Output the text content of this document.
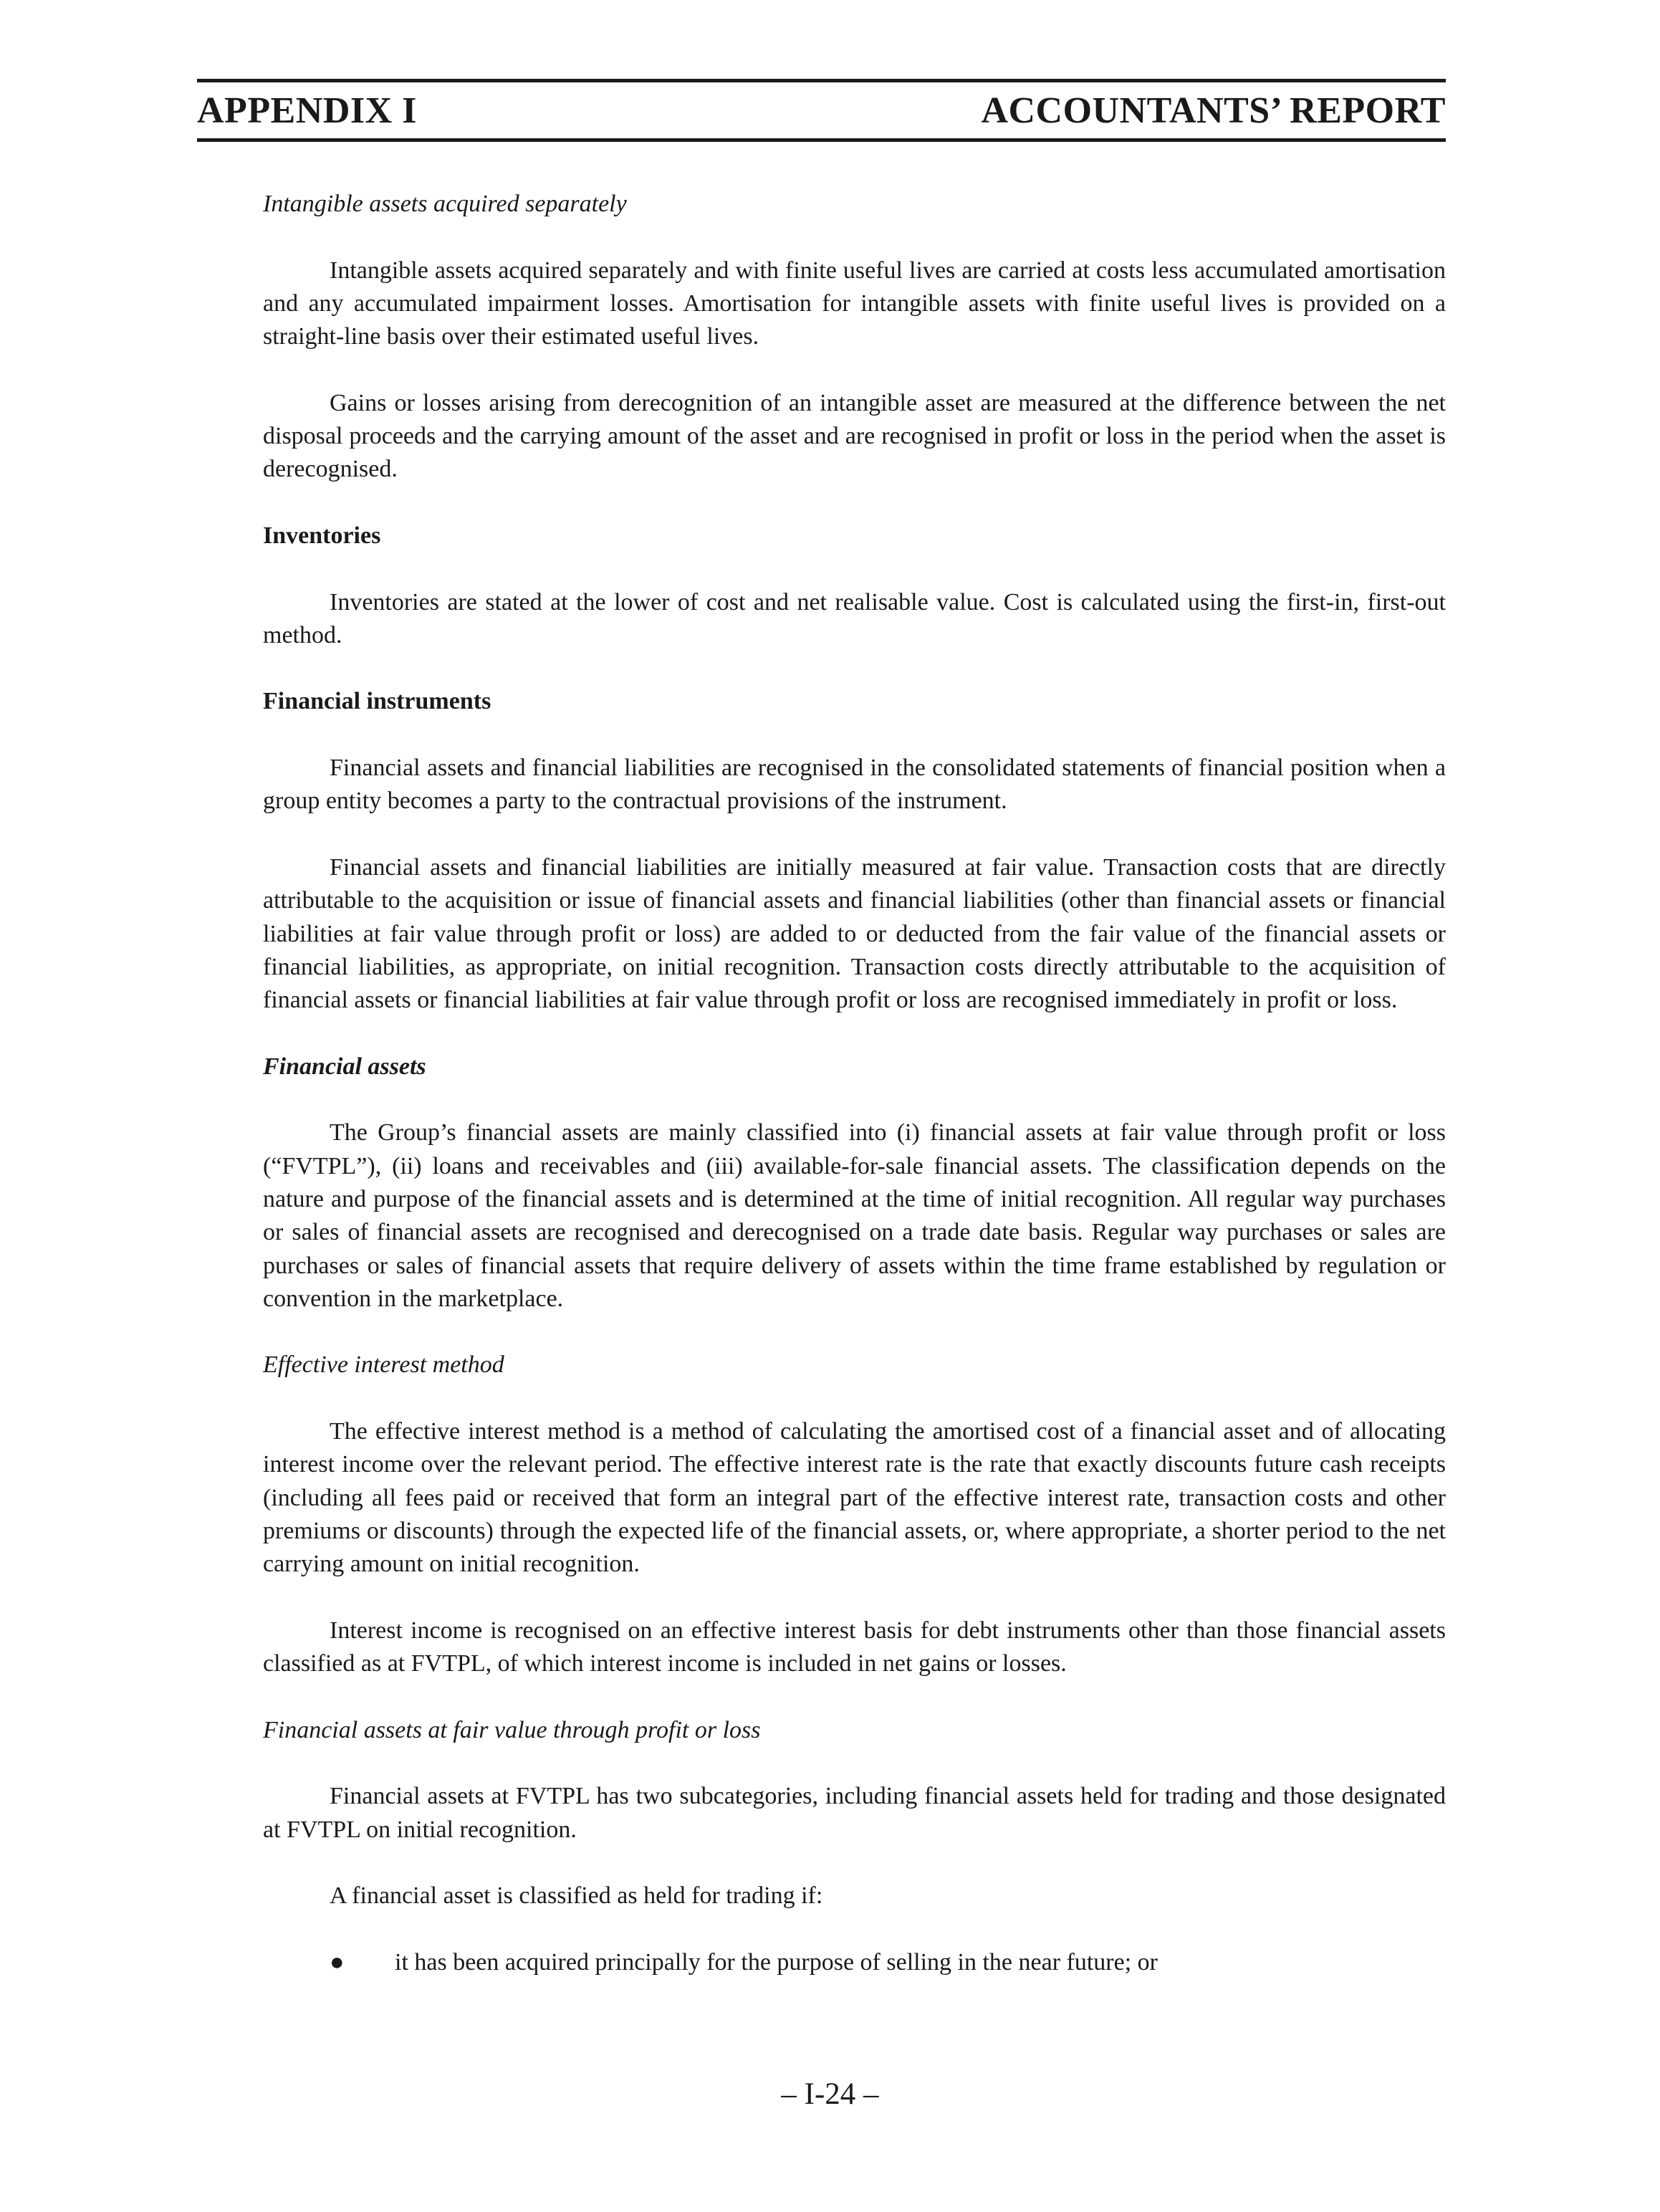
APPENDIX I	ACCOUNTANTS’ REPORT

Intangible assets acquired separately

Intangible assets acquired separately and with finite useful lives are carried at costs less accumulated amortisation and any accumulated impairment losses. Amortisation for intangible assets with finite useful lives is provided on a straight-line basis over their estimated useful lives.

Gains or losses arising from derecognition of an intangible asset are measured at the difference between the net disposal proceeds and the carrying amount of the asset and are recognised in profit or loss in the period when the asset is derecognised.

Inventories

Inventories are stated at the lower of cost and net realisable value. Cost is calculated using the first-in, first-out method.

Financial instruments

Financial assets and financial liabilities are recognised in the consolidated statements of financial position when a group entity becomes a party to the contractual provisions of the instrument.

Financial assets and financial liabilities are initially measured at fair value. Transaction costs that are directly attributable to the acquisition or issue of financial assets and financial liabilities (other than financial assets or financial liabilities at fair value through profit or loss) are added to or deducted from the fair value of the financial assets or financial liabilities, as appropriate, on initial recognition. Transaction costs directly attributable to the acquisition of financial assets or financial liabilities at fair value through profit or loss are recognised immediately in profit or loss.

Financial assets

The Group’s financial assets are mainly classified into (i) financial assets at fair value through profit or loss (“FVTPL”), (ii) loans and receivables and (iii) available-for-sale financial assets. The classification depends on the nature and purpose of the financial assets and is determined at the time of initial recognition. All regular way purchases or sales of financial assets are recognised and derecognised on a trade date basis. Regular way purchases or sales are purchases or sales of financial assets that require delivery of assets within the time frame established by regulation or convention in the marketplace.

Effective interest method

The effective interest method is a method of calculating the amortised cost of a financial asset and of allocating interest income over the relevant period. The effective interest rate is the rate that exactly discounts future cash receipts (including all fees paid or received that form an integral part of the effective interest rate, transaction costs and other premiums or discounts) through the expected life of the financial assets, or, where appropriate, a shorter period to the net carrying amount on initial recognition.

Interest income is recognised on an effective interest basis for debt instruments other than those financial assets classified as at FVTPL, of which interest income is included in net gains or losses.

Financial assets at fair value through profit or loss

Financial assets at FVTPL has two subcategories, including financial assets held for trading and those designated at FVTPL on initial recognition.

A financial asset is classified as held for trading if:

● it has been acquired principally for the purpose of selling in the near future; or
– I-24 –
